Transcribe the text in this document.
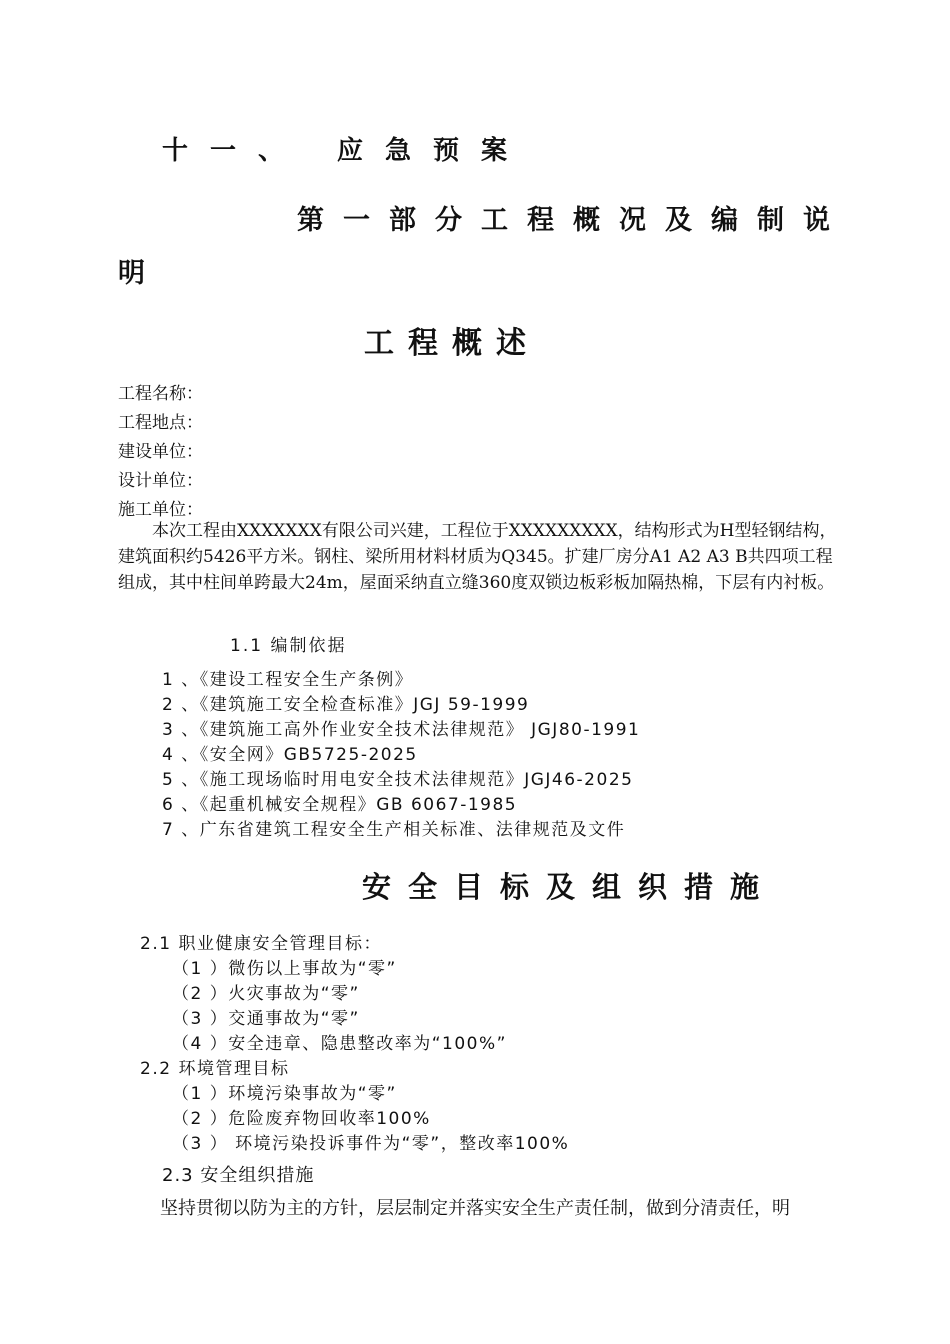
十一、 应急预案
第一部分工程概况及编制说
明
工程概述
工程名称：
工程地点：
建设单位：
设计单位：
施工单位：
本次工程由XXXXXXX有限公司兴建，工程位于XXXXXXXXX，结构形式为H型轻钢结构，建筑面积约5426平方米。钢柱、梁所用材料材质为Q345。扩建厂房分A1 A2 A3 B共四项工程组成，其中柱间单跨最大24m，屋面采纳直立缝360度双锁边板彩板加隔热棉，下层有内衬板。
1.1 编制依据
1 、《建设工程安全生产条例》
2 、《建筑施工安全检查标准》JGJ 59-1999
3 、《建筑施工高外作业安全技术法律规范》 JGJ80-1991
4 、《安全网》GB5725-2025
5 、《施工现场临时用电安全技术法律规范》JGJ46-2025
6 、《起重机械安全规程》GB 6067-1985
7 、广东省建筑工程安全生产相关标准、法律规范及文件
安全目标及组织措施
2.1 职业健康安全管理目标：
（1 ）微伤以上事故为“零”
（2 ）火灾事故为“零”
（3 ）交通事故为“零”
（4 ）安全违章、隐患整改率为“100%”
2.2 环境管理目标
（1 ）环境污染事故为“零”
（2 ）危险废弃物回收率100%
（3 ） 环境污染投诉事件为“零”，整改率100%
2.3 安全组织措施
坚持贯彻以防为主的方针，层层制定并落实安全生产责任制，做到分清责任，明
